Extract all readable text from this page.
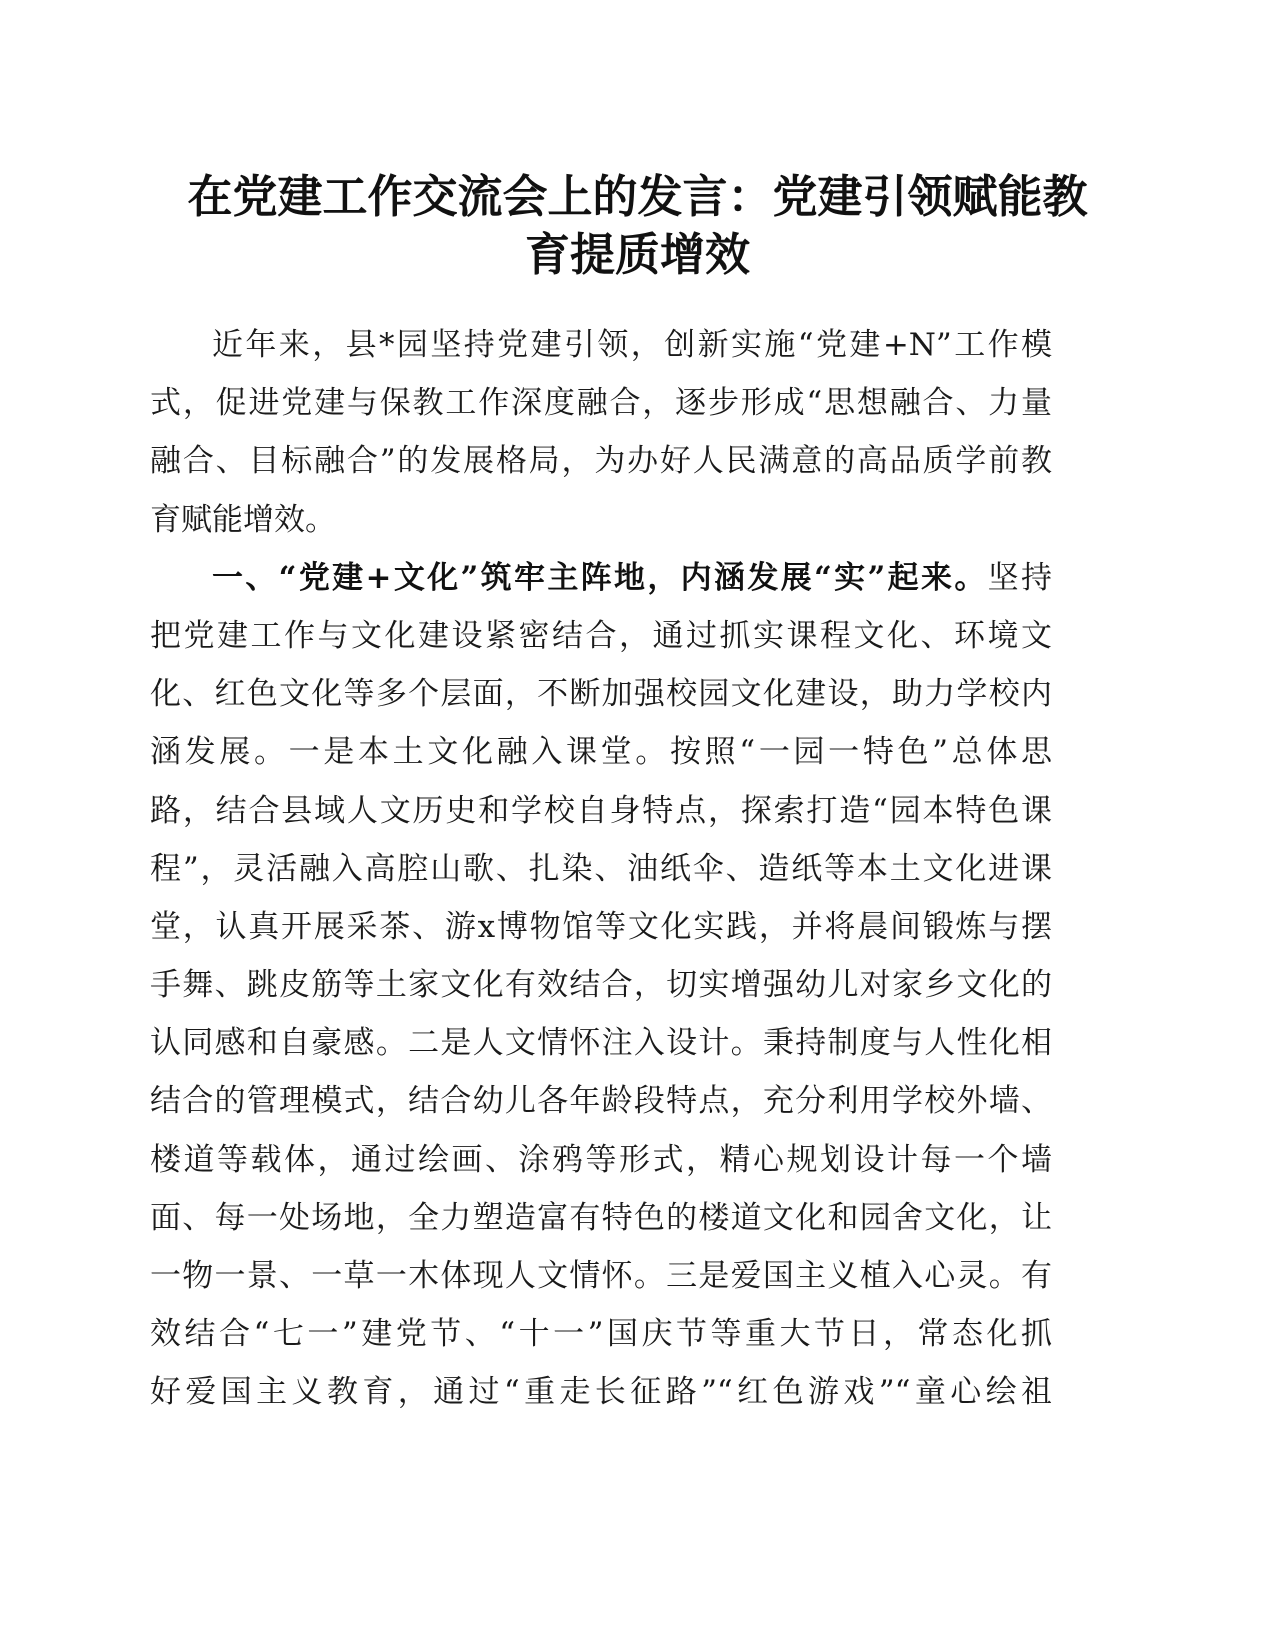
在党建工作交流会上的发言：党建引领赋能教
育提质增效
近年来，县*园坚持党建引领，创新实施“党建+N”工作模
式，促进党建与保教工作深度融合，逐步形成“思想融合、力量
融合、目标融合”的发展格局，为办好人民满意的高品质学前教
育赋能增效。
一、“党建+文化”筑牢主阵地，内涵发展“实”起来。坚持
把党建工作与文化建设紧密结合，通过抓实课程文化、环境文
化、红色文化等多个层面，不断加强校园文化建设，助力学校内
涵发展。一是本土文化融入课堂。按照“一园一特色”总体思
路，结合县域人文历史和学校自身特点，探索打造“园本特色课
程”，灵活融入高腔山歌、扎染、油纸伞、造纸等本土文化进课
堂，认真开展采茶、游x博物馆等文化实践，并将晨间锻炼与摆
手舞、跳皮筋等土家文化有效结合，切实增强幼儿对家乡文化的
认同感和自豪感。二是人文情怀注入设计。秉持制度与人性化相
结合的管理模式，结合幼儿各年龄段特点，充分利用学校外墙、
楼道等载体，通过绘画、涂鸦等形式，精心规划设计每一个墙
面、每一处场地，全力塑造富有特色的楼道文化和园舍文化，让
一物一景、一草一木体现人文情怀。三是爱国主义植入心灵。有
效结合“七一”建党节、“十一”国庆节等重大节日，常态化抓
好爱国主义教育，通过“重走长征路”“红色游戏”“童心绘祖
